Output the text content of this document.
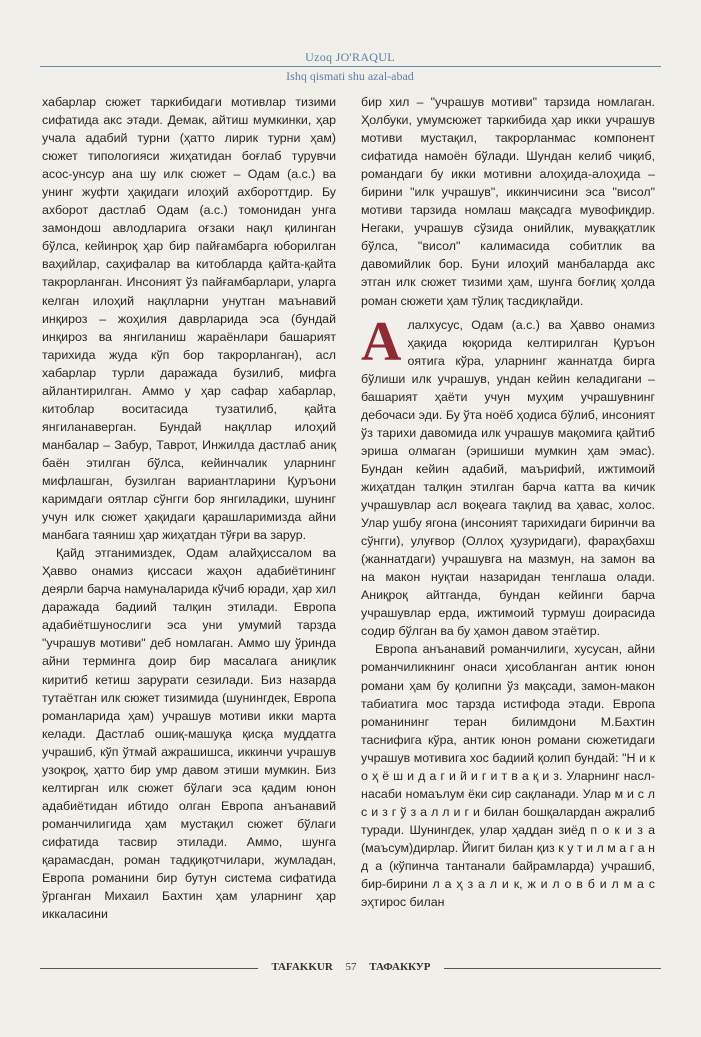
Uzoq JO'RAQUL
Ishq qismati shu azal-abad

хабарлар сюжет таркибидаги мотивлар тизими сифатида акс этади. Демак, айтиш мумкинки, ҳар учала адабий турни (ҳатто лирик турни ҳам) сюжет типологияси жиҳатидан боғлаб турувчи асос-унсур ана шу илк сюжет – Одам (а.с.) ва унинг жуфти ҳақидаги илоҳий ахбороттдир. Бу ахборот дастлаб Одам (а.с.) томонидан унга замондош авлодларига оғзаки нақл қилинган бўлса, кейинроқ ҳар бир пайғамбарга юборилган ваҳийлар, саҳифалар ва китобларда қайта-қайта такрорланган. Инсоният ўз пайғамбарлари, уларга келган илоҳий нақлларни унутган маънавий инқироз – жоҳилия даврларида эса (бундай инқироз ва янгиланиш жараёнлари башарият тарихида жуда кўп бор такрорланган), асл хабарлар турли даражада бузилиб, мифга айлантирилган. Аммо у ҳар сафар хабарлар, китоблар воситасида тузатилиб, қайта янгиланаверган. Бундай нақллар илоҳий манбалар – Забур, Таврот, Инжилда дастлаб аниқ баён этилган бўлса, кейинчалик уларнинг мифлашган, бузилган вариантларини Қуръони каримдаги оятлар сўнгги бор янгиладики, шунинг учун илк сюжет ҳақидаги қарашларимизда айни манбага таяниш ҳар жиҳатдан тўғри ва зарур.

Қайд этганимиздек, Одам алайҳиссалом ва Ҳавво онамиз қиссаси жаҳон адабиётининг деярли барча намуналарида кўчиб юради, ҳар хил даражада бадиий талқин этилади. Европа адабиётшунослиги эса уни умумий тарзда "учрашув мотиви" деб номлаган. Аммо шу ўринда айни терминга доир бир масалага аниқлик киритиб кетиш зарурати сезилади. Биз назарда тутаётган илк сюжет тизимида (шунингдек, Европа романларида ҳам) учрашув мотиви икки марта келади. Дастлаб ошиқ-машуқа қисқа муддатга учрашиб, кўп ўтмай ажрашишса, иккинчи учрашув узоқроқ, ҳатто бир умр давом этиши мумкин. Биз келтирган илк сюжет бўлаги эса қадим юнон адабиётидан ибтидо олган Европа анъанавий романчилигида ҳам мустақил сюжет бўлаги сифатида тасвир этилади. Аммо, шунга қарамасдан, роман тадқиқотчилари, жумладан, Европа романини бир бутун система сифатида ўрганган Михаил Бахтин ҳам уларнинг ҳар иккаласини

бир хил – "учрашув мотиви" тарзида номлаган. Ҳолбуки, умумсюжет таркибида ҳар икки учрашув мотиви мустақил, такрорланмас компонент сифатида намоён бўлади. Шундан келиб чиқиб, романдаги бу икки мотивни алоҳида-алоҳида – бирини "илк учрашув", иккинчисини эса "висол" мотиви тарзида номлаш мақсадга мувофиқдир. Негаки, учрашув сўзида онийлик, муваққатлик бўлса, "висол" калимасида собитлик ва давомийлик бор. Буни илоҳий манбаларда акс этган илк сюжет тизими ҳам, шунга боғлиқ ҳолда роман сюжети ҳам тўлиқ тасдиқлайди.

А лалхусус, Одам (а.с.) ва Ҳавво онамиз ҳақида юқорида келтирилган Қуръон оятига кўра, уларнинг жаннатда бирга бўлиши илк учрашув, ундан кейин келадигани – башарият ҳаёти учун муҳим учрашувнинг дебочаси эди. Бу ўта ноёб ҳодиса бўлиб, инсоният ўз тарихи давомида илк учрашув мақомига қайтиб эриша олмаган (эришиши мумкин ҳам эмас). Бундан кейин адабий, маърифий, ижтимоий жиҳатдан талқин этилган барча катта ва кичик учрашувлар асл воқеага тақлид ва ҳавас, холос. Улар ушбу ягона (инсоният тарихидаги биринчи ва сўнгги), улуғвор (Оллоҳ ҳузуридаги), фараҳбахш (жаннатдаги) учрашувга на мазмун, на замон ва на макон нуқтаи назаридан тенглаша олади. Аниқроқ айтганда, бундан кейинги барча учрашувлар ерда, ижтимоий турмуш доирасида содир бўлган ва бу ҳамон давом этаётир.

Европа анъанавий романчилиги, хусусан, айни романчиликнинг онаси ҳисобланган антик юнон романи ҳам бу қолипни ўз мақсади, замон-макон табиатига мос тарзда истифода этади. Европа романининг теран билимдони М.Бахтин таснифига кўра, антик юнон романи сюжетидаги учрашув мотивига хос бадиий қолип бундай: "Н и к о ҳ ё ш и д а г и й и г и т в а қ и з. Уларнинг насл-насаби номаълум ёки сир сақланади. Улар м и с л с и з г ў з а л л и г и билан бошқалардан ажралиб туради. Шунингдек, улар ҳаддан зиёд п о к и з а (маъсум)дирлар. Йигит билан қиз к у т и л м а г а н д а (кўпинча тантанали байрамларда) учрашиб, бир-бирини л а ҳ з а л и к, ж и л о в б и л м а с эҳтирос билан

TAFAKKUR 57 ТАФАККУР
